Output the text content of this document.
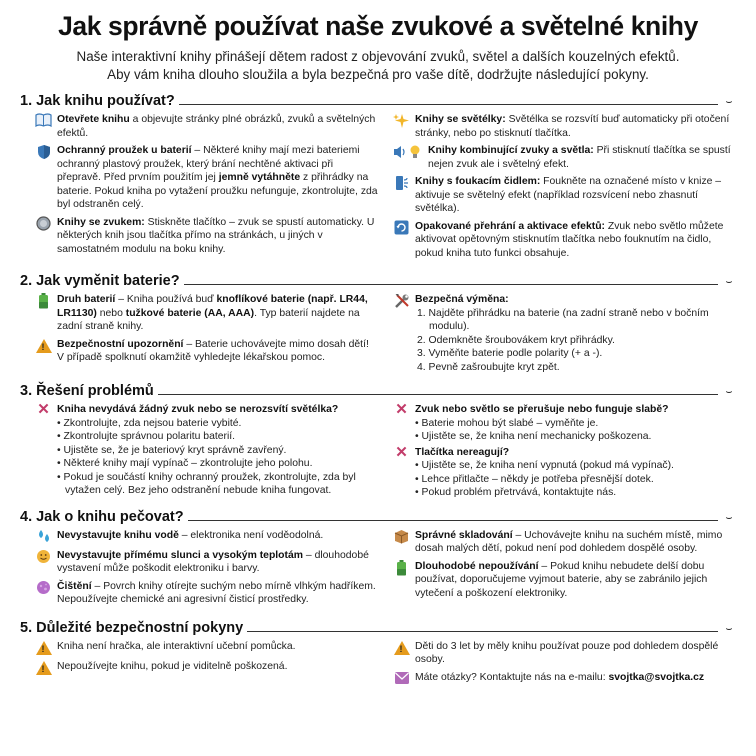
Jak správně používat naše zvukové a světelné knihy
Naše interaktivní knihy přinášejí dětem radost z objevování zvuků, světel a dalších kouzelných efektů.
Aby vám kniha dlouho sloužila a byla bezpečná pro vaše dítě, dodržujte následující pokyny.
1. Jak knihu používat?	⌣
Otevřete knihu a objevujte stránky plné obrázků, zvuků a světelných efektů.
Ochranný proužek u baterií – Některé knihy mají mezi bateriemi ochranný plastový proužek, který brání nechtěné aktivaci při přepravě. Před prvním použitím jej jemně vytáhněte z přihrádky na baterie. Pokud kniha po vytažení proužku nefunguje, zkontrolujte, zda byl odstraněn celý.
Knihy se zvukem: Stiskněte tlačítko – zvuk se spustí automaticky. U některých knih jsou tlačítka přímo na stránkách, u jiných v samostatném modulu na boku knihy.
Knihy se světélky: Světélka se rozsvítí buď automaticky při otočení stránky, nebo po stisknutí tlačítka.
Knihy kombinující zvuky a světla: Při stisknutí tlačítka se spustí nejen zvuk ale i světelný efekt.
Knihy s foukacím čidlem: Foukněte na označené místo v knize – aktivuje se světelný efekt (například rozsvícení nebo zhasnutí světélka).
Opakované přehrání a aktivace efektů: Zvuk nebo světlo můžete aktivovat opětovným stisknutím tlačítka nebo fouknutím na čidlo, pokud kniha tuto funkci obsahuje.
2. Jak vyměnit baterie?	⌣
Druh baterií – Kniha používá buď knoflíkové baterie (např. LR44, LR1130) nebo tužkové baterie (AA, AAA). Typ baterií najdete na zadní straně knihy.
!
Bezpečnostní upozornění – Baterie uchovávejte mimo dosah dětí! V případě spolknutí okamžitě vyhledejte lékařskou pomoc.
Bezpečná výměna:
1. Najděte přihrádku na baterie (na zadní straně nebo v bočním modulu).
2. Odemkněte šroubovákem kryt přihrádky.
3. Vyměňte baterie podle polarity (+ a -).
4. Pevně zašroubujte kryt zpět.
3. Řešení problémů	⌣
✕ Kniha nevydává žádný zvuk nebo se nerozsvítí světélka?
• Zkontrolujte, zda nejsou baterie vybité.
• Zkontrolujte správnou polaritu baterií.
• Ujistěte se, že je bateriový kryt správně zavřený.
• Některé knihy mají vypínač – zkontrolujte jeho polohu.
• Pokud je součástí knihy ochranný proužek, zkontrolujte, zda byl vytažen celý. Bez jeho odstranění nebude kniha fungovat.
✕ Zvuk nebo světlo se přerušuje nebo funguje slabě?
• Baterie mohou být slabé – vyměňte je.
• Ujistěte se, že kniha není mechanicky poškozena.
✕ Tlačítka nereagují?
• Ujistěte se, že kniha není vypnutá (pokud má vypínač).
• Lehce přitlačte – někdy je potřeba přesnější dotek.
• Pokud problém přetrvává, kontaktujte nás.
4. Jak o knihu pečovat?	⌣
Nevystavujte knihu vodě – elektronika není voděodolná.
Nevystavujte přímému slunci a vysokým teplotám – dlouhodobé vystavení může poškodit elektroniku i barvy.
Čištění – Povrch knihy otírejte suchým nebo mírně vlhkým hadříkem. Nepoužívejte chemické ani agresivní čisticí prostředky.
Správné skladování – Uchovávejte knihu na suchém místě, mimo dosah malých dětí, pokud není pod dohledem dospělé osoby.
Dlouhodobé nepoužívání – Pokud knihu nebudete delší dobu používat, doporučujeme vyjmout baterie, aby se zabránilo jejich vytečení a poškození elektroniky.
5. Důležité bezpečnostní pokyny	⌣
!
Kniha není hračka, ale interaktivní učební pomůcka.
!
Nepoužívejte knihu, pokud je viditelně poškozená.
!
Děti do 3 let by měly knihu používat pouze pod dohledem dospělé osoby.
Máte otázky? Kontaktujte nás na e-mailu: svojtka@svojtka.cz
